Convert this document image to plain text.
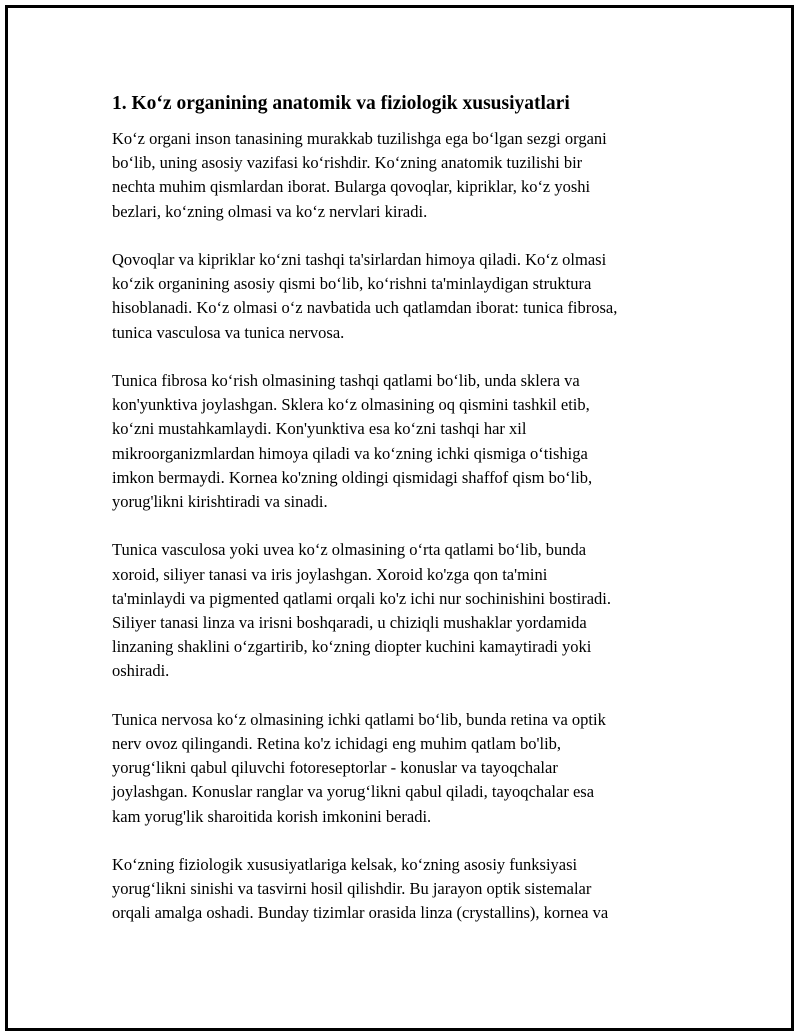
1. Ko‘z organining anatomik va fiziologik xususiyatlari

Ko‘z organi inson tanasining murakkab tuzilishga ega bo‘lgan sezgi organi
bo‘lib, uning asosiy vazifasi ko‘rishdir. Ko‘zning anatomik tuzilishi bir
nechta muhim qismlardan iborat. Bularga qovoqlar, kipriklar, ko‘z yoshi
bezlari, ko‘zning olmasi va ko‘z nervlari kiradi.

Qovoqlar va kipriklar ko‘zni tashqi ta'sirlardan himoya qiladi. Ko‘z olmasi
ko‘zik organining asosiy qismi bo‘lib, ko‘rishni ta'minlaydigan struktura
hisoblanadi. Ko‘z olmasi o‘z navbatida uch qatlamdan iborat: tunica fibrosa,
tunica vasculosa va tunica nervosa.

Tunica fibrosa ko‘rish olmasining tashqi qatlami bo‘lib, unda sklera va
kon'yunktiva joylashgan. Sklera ko‘z olmasining oq qismini tashkil etib,
ko‘zni mustahkamlaydi. Kon'yunktiva esa ko‘zni tashqi har xil
mikroorganizmlardan himoya qiladi va ko‘zning ichki qismiga o‘tishiga
imkon bermaydi. Kornea ko'zning oldingi qismidagi shaffof qism bo‘lib,
yorug'likni kirishtiradi va sinadi.

Tunica vasculosa yoki uvea ko‘z olmasining o‘rta qatlami bo‘lib, bunda
xoroid, siliyer tanasi va iris joylashgan. Xoroid ko'zga qon ta'mini
ta'minlaydi va pigmented qatlami orqali ko'z ichi nur sochinishini bostiradi.
Siliyer tanasi linza va irisni boshqaradi, u chiziqli mushaklar yordamida
linzaning shaklini o‘zgartirib, ko‘zning diopter kuchini kamaytiradi yoki
oshiradi.

Tunica nervosa ko‘z olmasining ichki qatlami bo‘lib, bunda retina va optik
nerv ovoz qilingandi. Retina ko'z ichidagi eng muhim qatlam bo'lib,
yorug‘likni qabul qiluvchi fotoreseptorlar - konuslar va tayoqchalar
joylashgan. Konuslar ranglar va yorug‘likni qabul qiladi, tayoqchalar esa
kam yorug'lik sharoitida korish imkonini beradi.

Ko‘zning fiziologik xususiyatlariga kelsak, ko‘zning asosiy funksiyasi
yorug‘likni sinishi va tasvirni hosil qilishdir. Bu jarayon optik sistemalar
orqali amalga oshadi. Bunday tizimlar orasida linza (crystallins), kornea va
